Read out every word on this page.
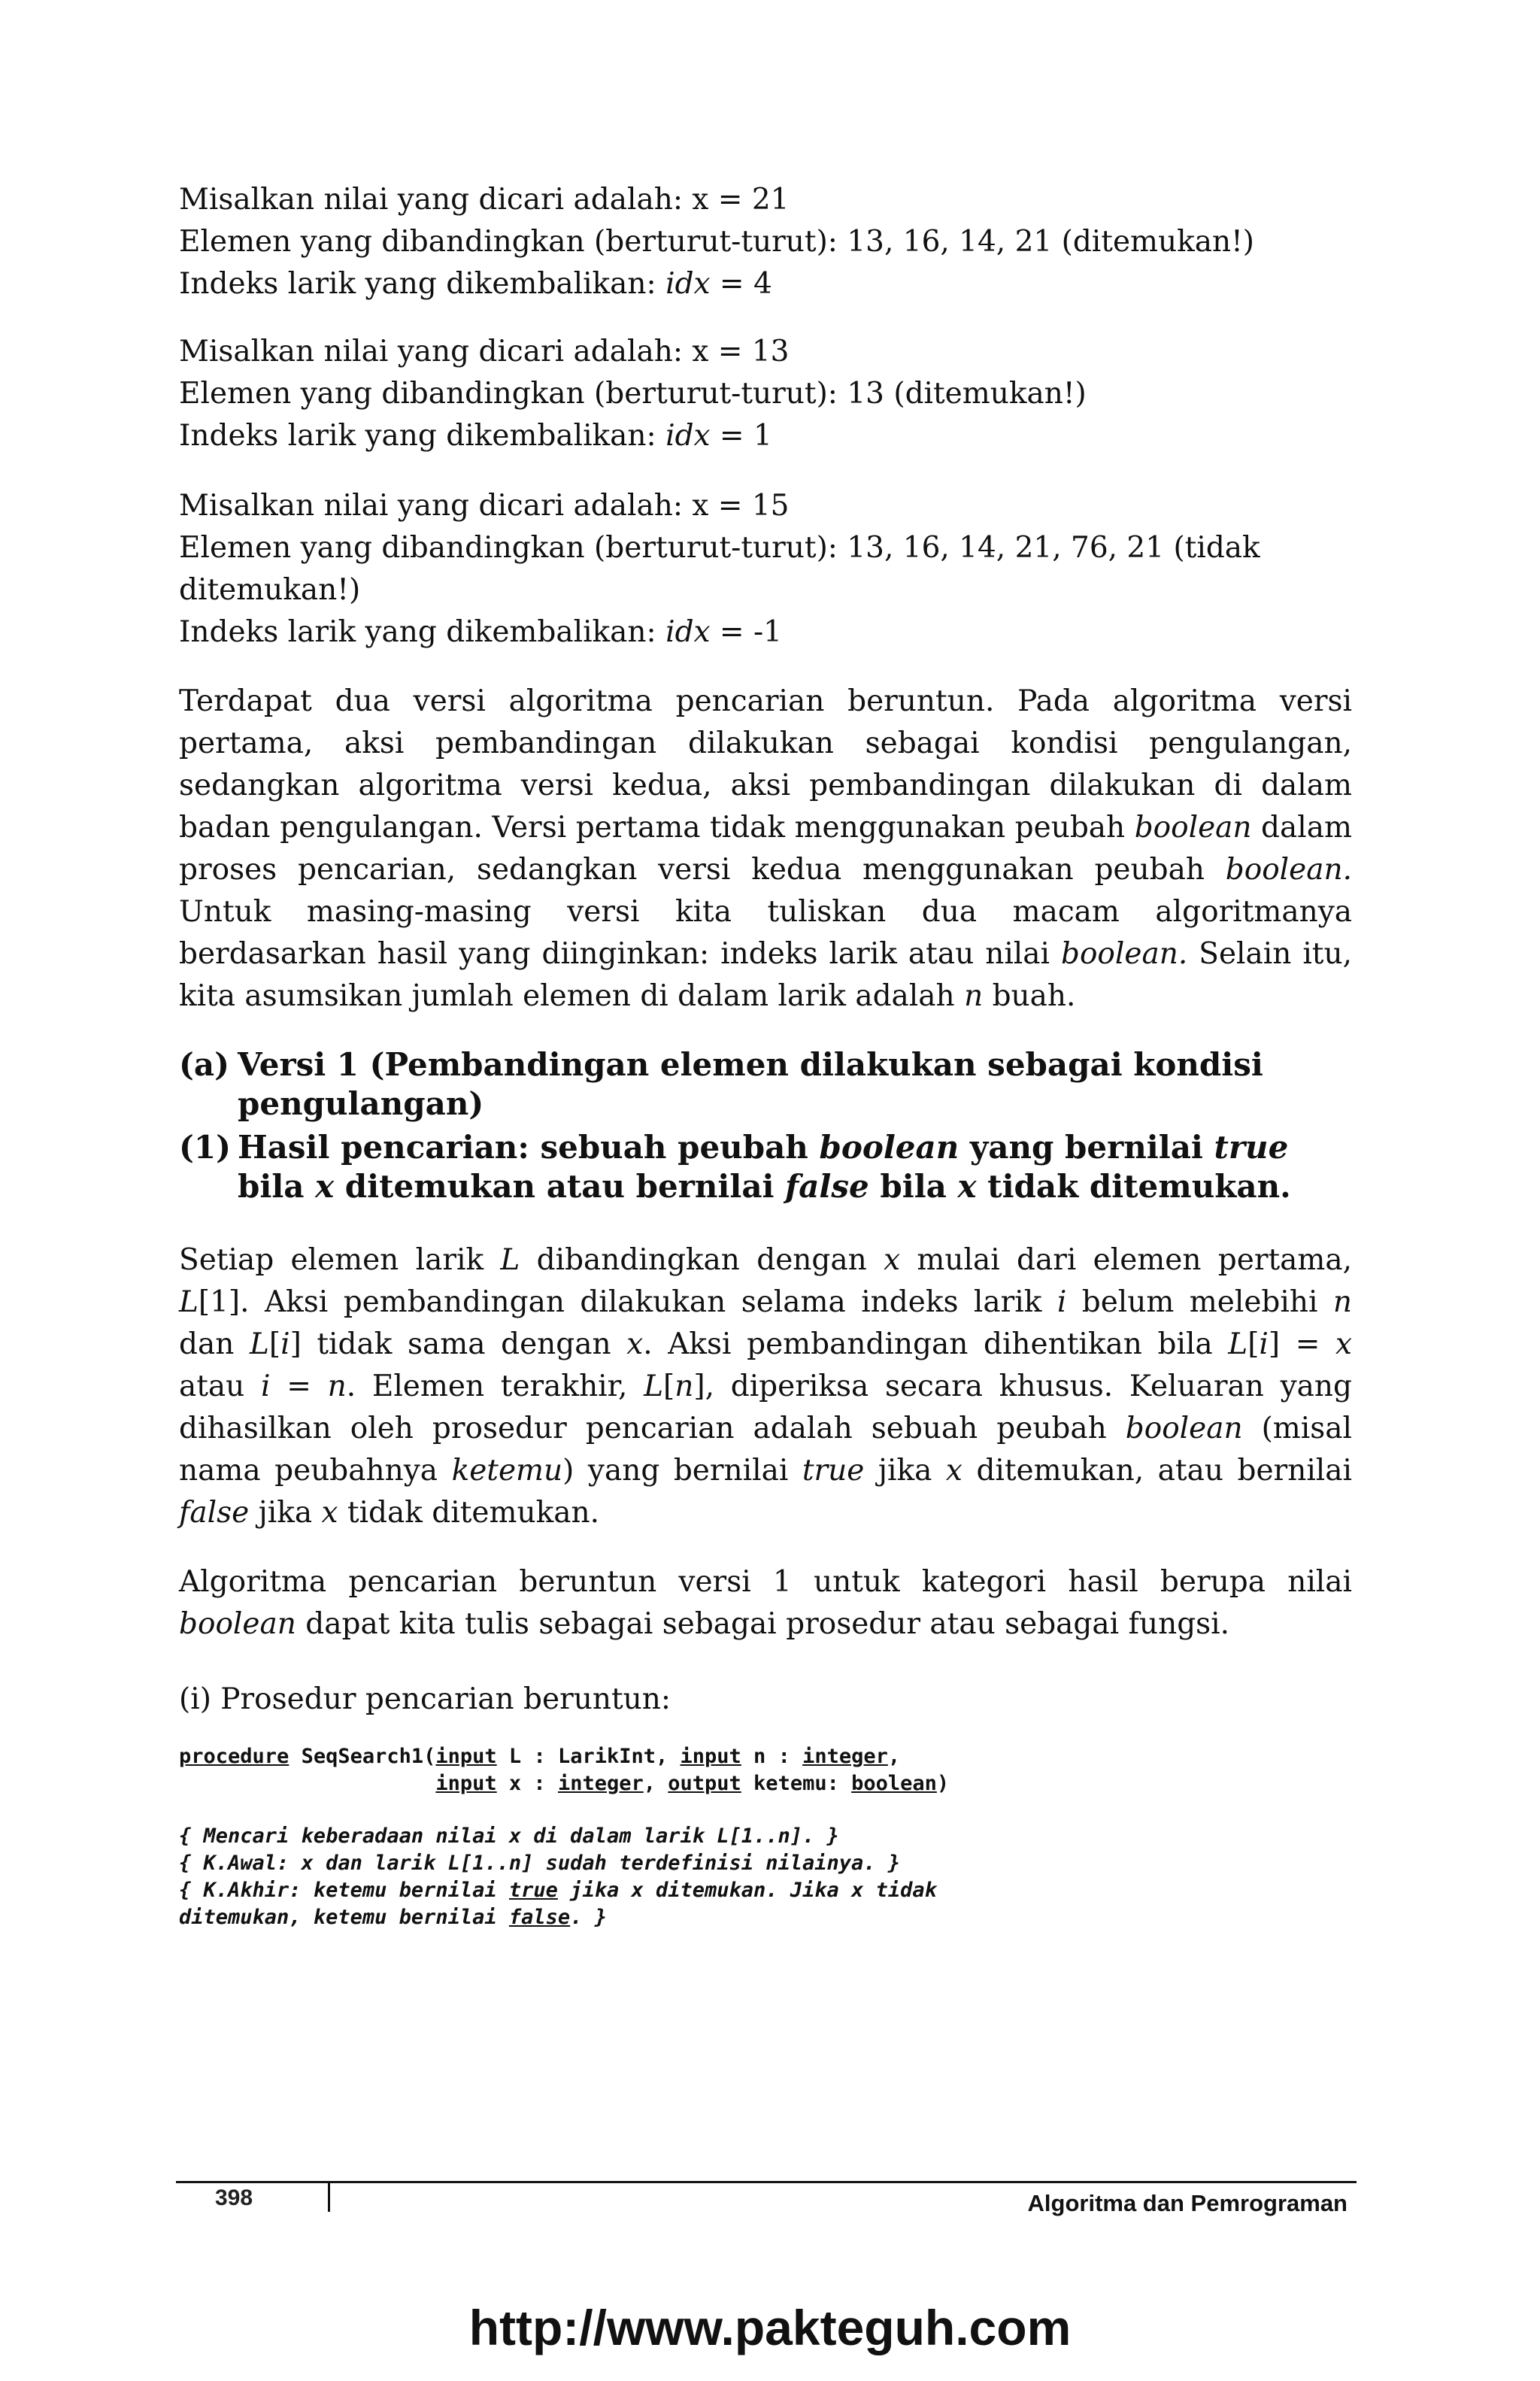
Misalkan nilai yang dicari adalah: x = 21

Elemen yang dibandingkan (berturut-turut): 13, 16, 14, 21 (ditemukan!)

Indeks larik yang dikembalikan: idx = 4

Misalkan nilai yang dicari adalah: x = 13

Elemen yang dibandingkan (berturut-turut): 13 (ditemukan!)

Indeks larik yang dikembalikan: idx = 1

Misalkan nilai yang dicari adalah: x = 15

Elemen yang dibandingkan (berturut-turut): 13, 16, 14, 21, 76, 21 (tidak ditemukan!)

Indeks larik yang dikembalikan: idx = -1

Terdapat dua versi algoritma pencarian beruntun. Pada algoritma versi pertama, aksi pembandingan dilakukan sebagai kondisi pengulangan, sedangkan algoritma versi kedua, aksi pembandingan dilakukan di dalam badan pengulangan. Versi pertama tidak menggunakan peubah boolean dalam proses pencarian, sedangkan versi kedua menggunakan peubah boolean. Untuk masing-masing versi kita tuliskan dua macam algoritmanya berdasarkan hasil yang diinginkan: indeks larik atau nilai boolean. Selain itu, kita asumsikan jumlah elemen di dalam larik adalah n buah.

(a) Versi 1 (Pembandingan elemen dilakukan sebagai kondisi pengulangan)
(1) Hasil pencarian: sebuah peubah boolean yang bernilai true bila x ditemukan atau bernilai false bila x tidak ditemukan.

Setiap elemen larik L dibandingkan dengan x mulai dari elemen pertama, L[1]. Aksi pembandingan dilakukan selama indeks larik i belum melebihi n dan L[i] tidak sama dengan x. Aksi pembandingan dihentikan bila L[i] = x atau i = n. Elemen terakhir, L[n], diperiksa secara khusus. Keluaran yang dihasilkan oleh prosedur pencarian adalah sebuah peubah boolean (misal nama peubahnya ketemu) yang bernilai true jika x ditemukan, atau bernilai false jika x tidak ditemukan.

Algoritma pencarian beruntun versi 1 untuk kategori hasil berupa nilai boolean dapat kita tulis sebagai sebagai prosedur atau sebagai fungsi.

(i) Prosedur pencarian beruntun:

procedure SeqSearch1(input L : LarikInt, input n : integer,

input x : integer, output ketemu: boolean)

{ Mencari keberadaan nilai x di dalam larik L[1..n]. }

{ K.Awal: x dan larik L[1..n] sudah terdefinisi nilainya. }

{ K.Akhir: ketemu bernilai true jika x ditemukan. Jika x tidak

ditemukan, ketemu bernilai false. }

398	Algoritma dan Pemrograman
http://www.pakteguh.com
